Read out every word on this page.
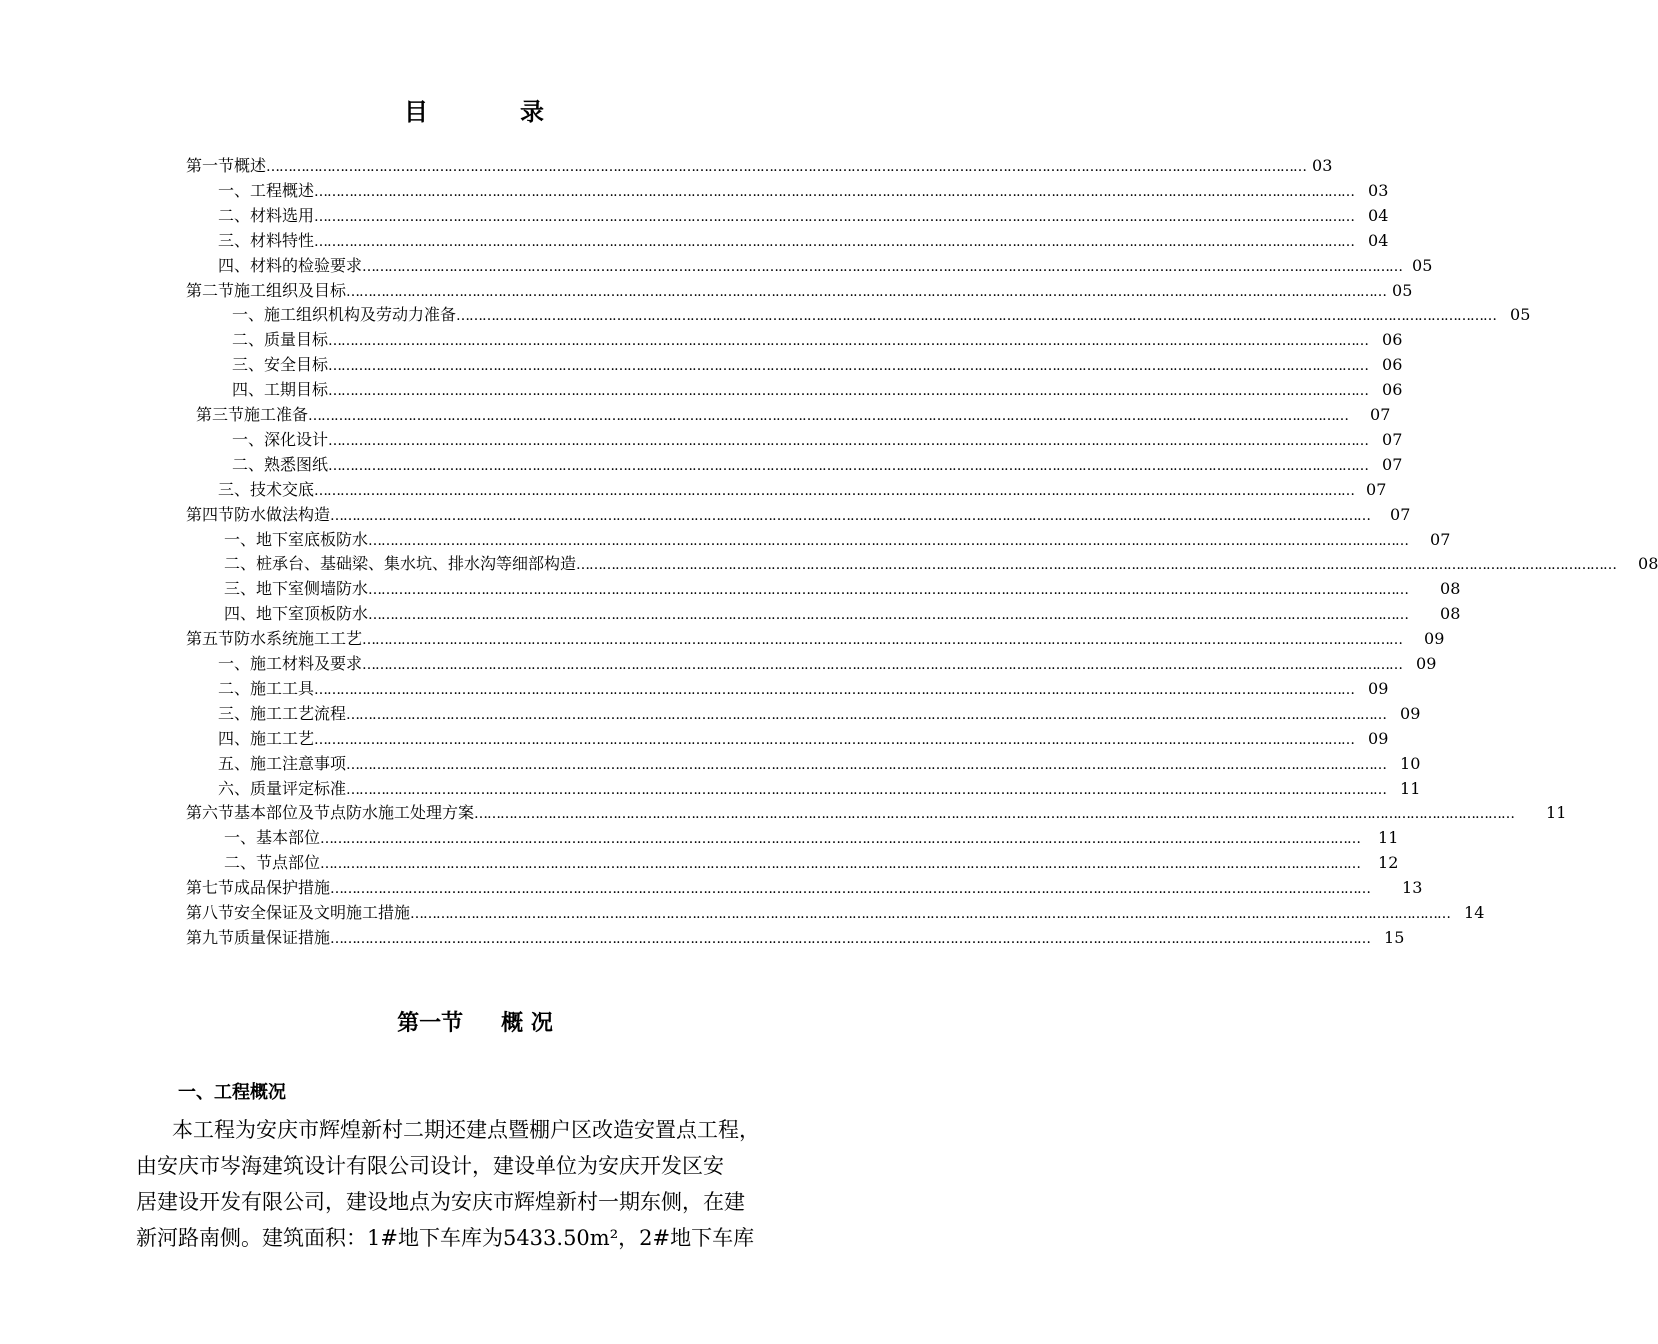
目	录
第一节 概述 …………………………………………………………………………………………………………………………………………………………………………………………………………………… 03
一、 工程概述 …………………………………………………………………………………………………………………………………………………………………………………………………………………… 03
二、 材料选用 …………………………………………………………………………………………………………………………………………………………………………………………………………………… 04
三、 材料特性 …………………………………………………………………………………………………………………………………………………………………………………………………………………… 04
四、 材料的检验要求 …………………………………………………………………………………………………………………………………………………………………………………………………………………… 05
第二节 施工组织及目标 …………………………………………………………………………………………………………………………………………………………………………………………………………………… 05
一、 施工组织机构及劳动力准备 …………………………………………………………………………………………………………………………………………………………………………………………………………………… 05
二、 质量目标 …………………………………………………………………………………………………………………………………………………………………………………………………………………… 06
三、 安全目标 …………………………………………………………………………………………………………………………………………………………………………………………………………………… 06
四、 工期目标 …………………………………………………………………………………………………………………………………………………………………………………………………………………… 06
第三节 施工准备 …………………………………………………………………………………………………………………………………………………………………………………………………………………… 07
一、 深化设计 …………………………………………………………………………………………………………………………………………………………………………………………………………………… 07
二、 熟悉图纸 …………………………………………………………………………………………………………………………………………………………………………………………………………………… 07
三、 技术交底 …………………………………………………………………………………………………………………………………………………………………………………………………………………… 07
第四节 防水做法构造 …………………………………………………………………………………………………………………………………………………………………………………………………………………… 07
一、 地下室底板防水 …………………………………………………………………………………………………………………………………………………………………………………………………………………… 07
二、 桩承台、基础梁、集水坑、排水沟等细部构造 …………………………………………………………………………………………………………………………………………………………………………………………………………………… 08
三、 地下室侧墙防水 …………………………………………………………………………………………………………………………………………………………………………………………………………………… 08
四、 地下室顶板防水 …………………………………………………………………………………………………………………………………………………………………………………………………………………… 08
第五节 防水系统施工工艺 …………………………………………………………………………………………………………………………………………………………………………………………………………………… 09
一、 施工材料及要求 …………………………………………………………………………………………………………………………………………………………………………………………………………………… 09
二、 施工工具 …………………………………………………………………………………………………………………………………………………………………………………………………………………… 09
三、 施工工艺流程 …………………………………………………………………………………………………………………………………………………………………………………………………………………… 09
四、 施工工艺 …………………………………………………………………………………………………………………………………………………………………………………………………………………… 09
五、 施工注意事项 …………………………………………………………………………………………………………………………………………………………………………………………………………………… 10
六、 质量评定标准 …………………………………………………………………………………………………………………………………………………………………………………………………………………… 11
第六节 基本部位及节点防水施工处理方案 …………………………………………………………………………………………………………………………………………………………………………………………………………………… 11
一、 基本部位 …………………………………………………………………………………………………………………………………………………………………………………………………………………… 11
二、 节点部位 …………………………………………………………………………………………………………………………………………………………………………………………………………………… 12
第七节 成品保护措施 …………………………………………………………………………………………………………………………………………………………………………………………………………………… 13
第八节 安全保证及文明施工措施 …………………………………………………………………………………………………………………………………………………………………………………………………………………… 14
第九节 质量保证措施 …………………………………………………………………………………………………………………………………………………………………………………………………………………… 15
第一节 概 况
一、工程概况
本工程为安庆市辉煌新村二期还建点暨棚户区改造安置点工程，
由安庆市岑海建筑设计有限公司设计，建设单位为安庆开发区安
居建设开发有限公司，建设地点为安庆市辉煌新村一期东侧，在建
新河路南侧。建筑面积：1#地下车库为5433.50m²，2#地下车库
